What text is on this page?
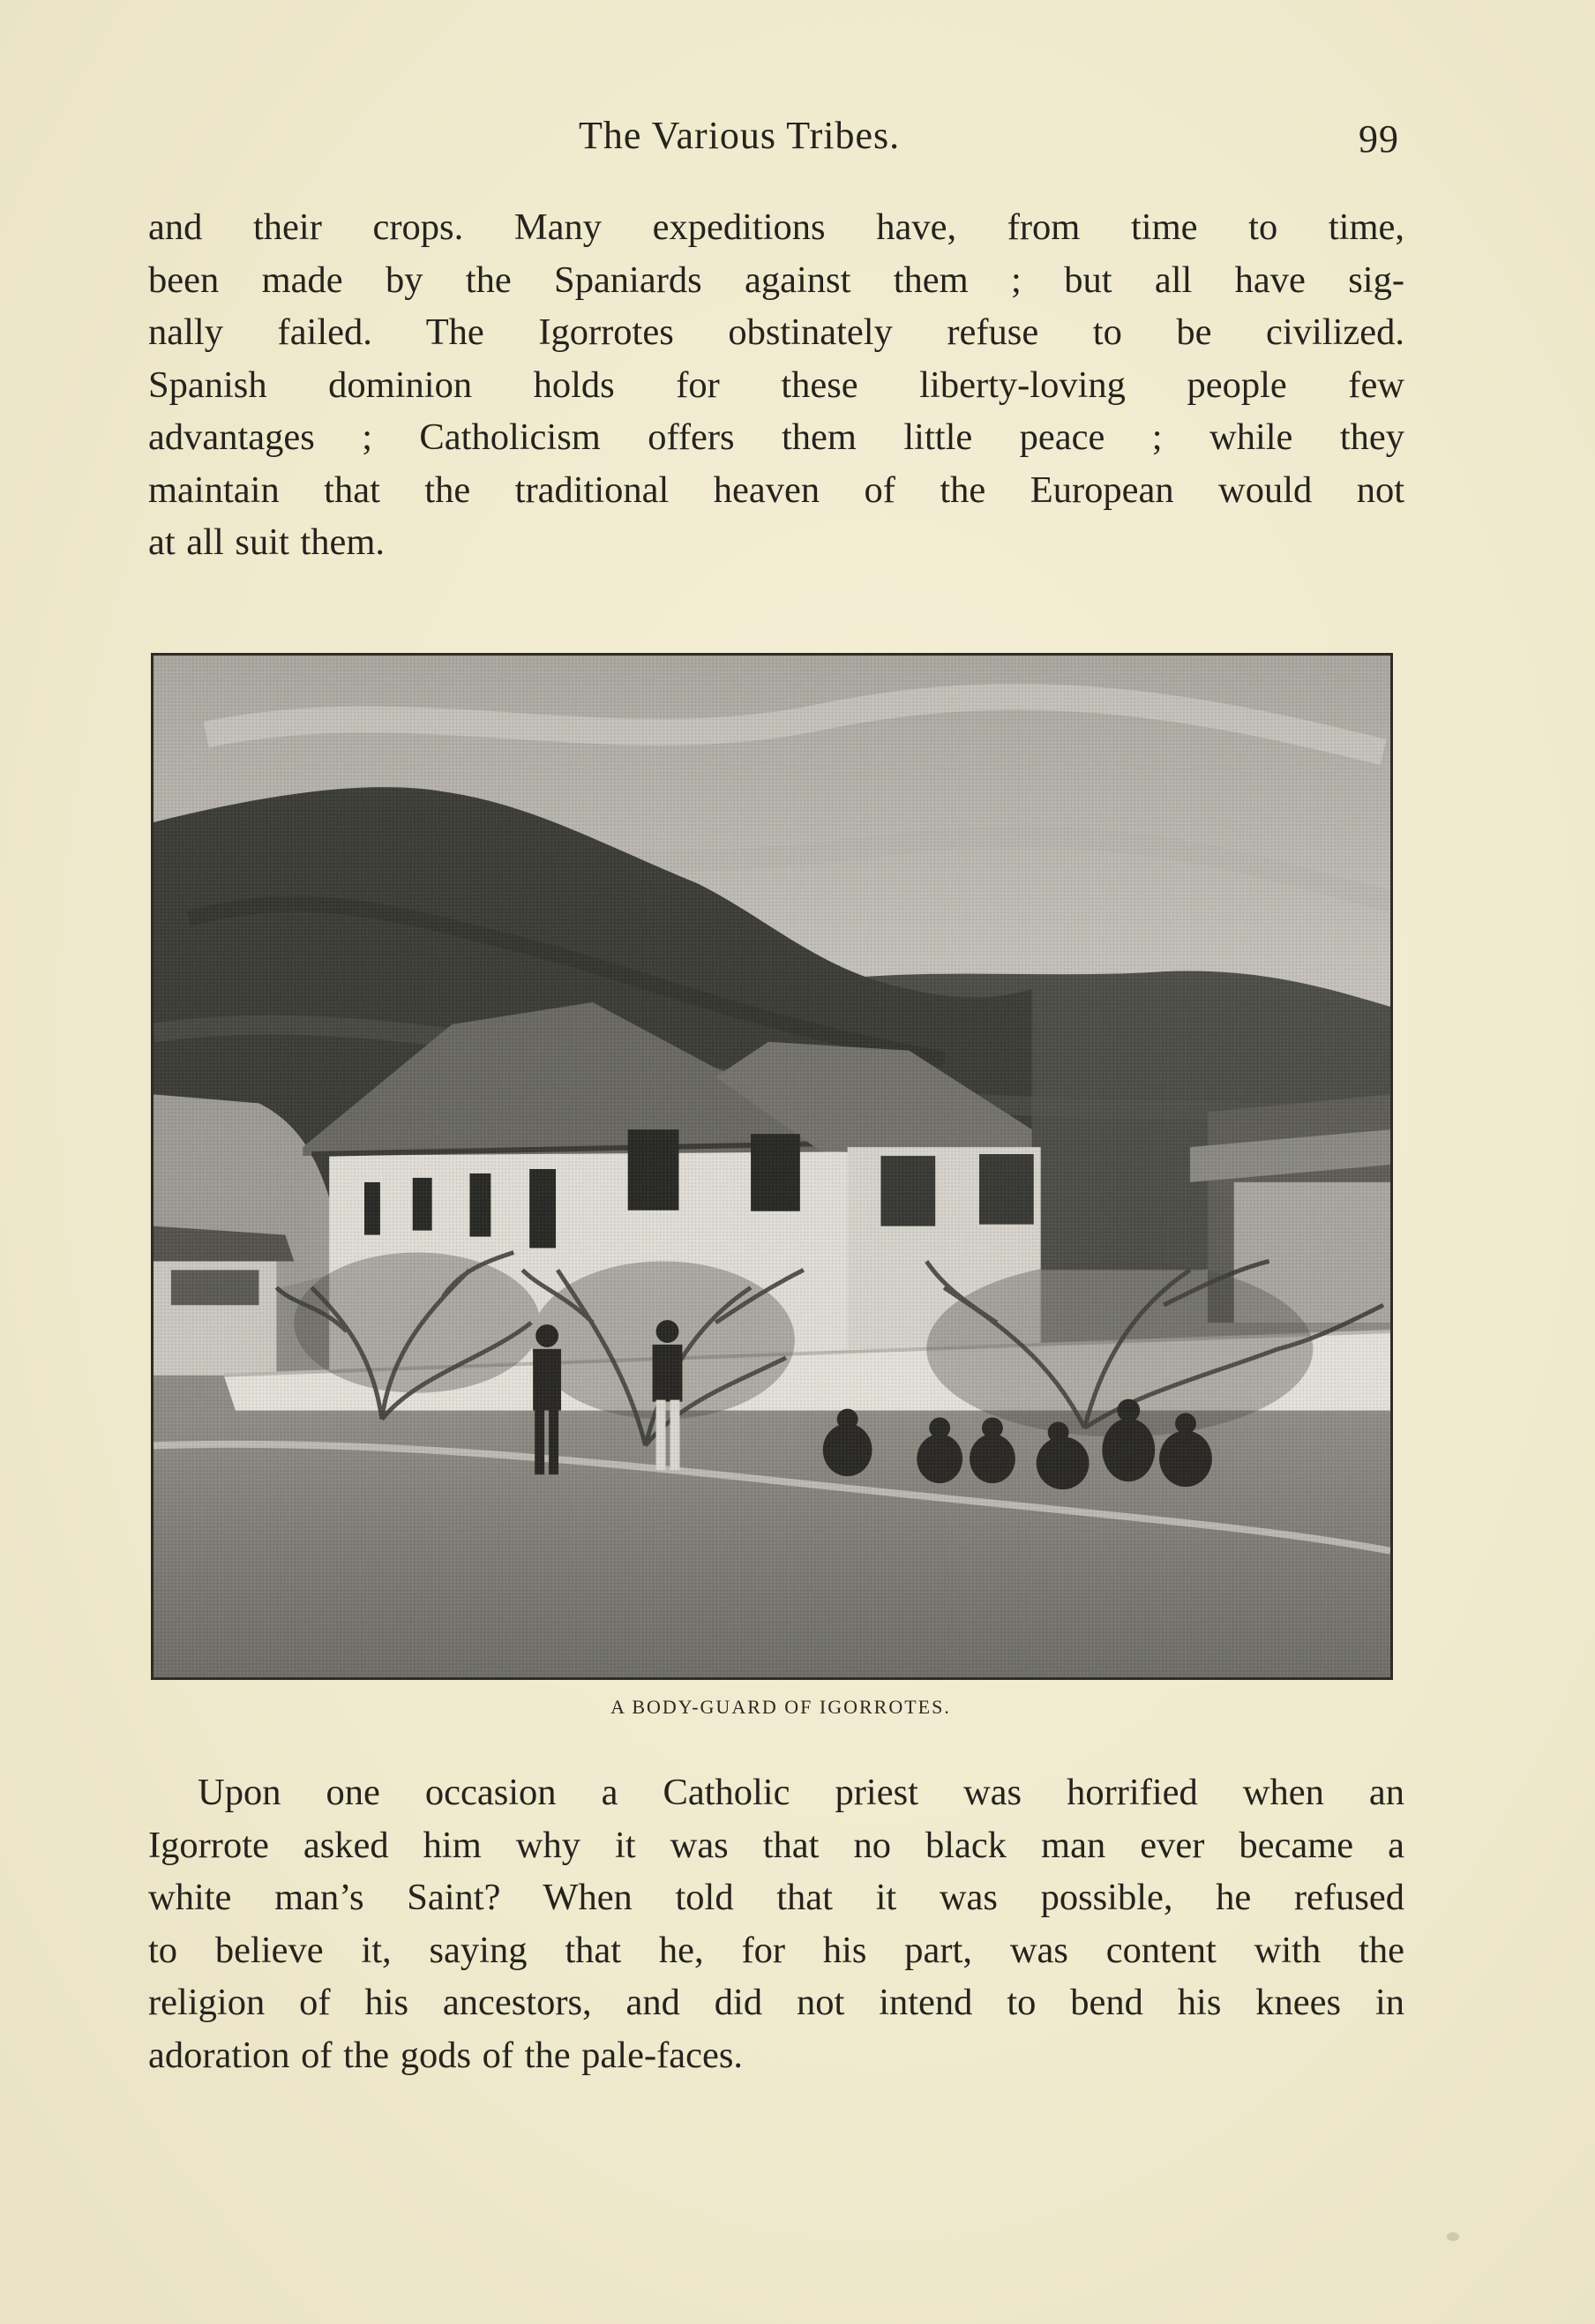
The Various Tribes.	99

and their crops. Many expeditions have, from time to time,
been made by the Spaniards against them ; but all have sig-
nally failed. The Igorrotes obstinately refuse to be civilized.
Spanish dominion holds for these liberty-loving people few
advantages ; Catholicism offers them little peace ; while they
maintain that the traditional heaven of the European would not
at all suit them.

A BODY-GUARD OF IGORROTES.

Upon one occasion a Catholic priest was horrified when an
Igorrote asked him why it was that no black man ever became a
white man’s Saint? When told that it was possible, he refused
to believe it, saying that he, for his part, was content with the
religion of his ancestors, and did not intend to bend his knees in
adoration of the gods of the pale-faces.
